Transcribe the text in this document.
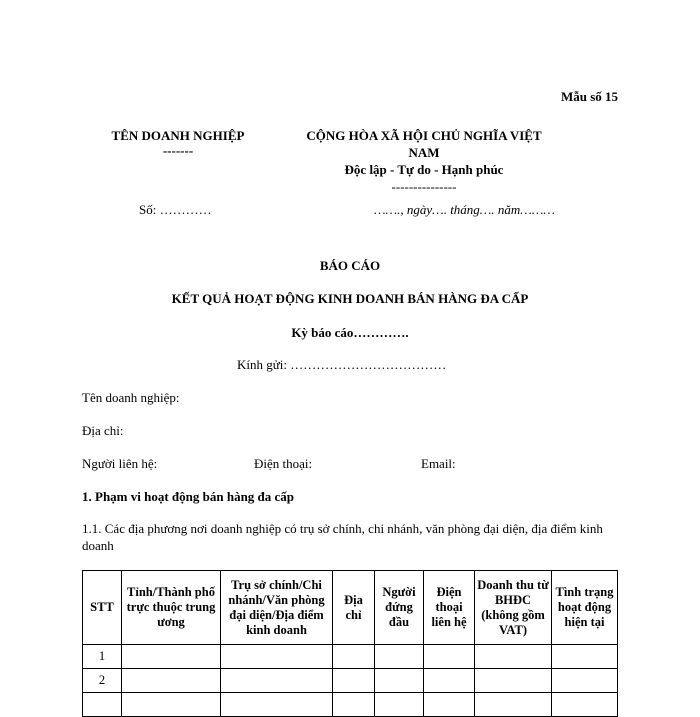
Mẫu số 15
TÊN DOANH NGHIỆP
-------
CỘNG HÒA XÃ HỘI CHỦ NGHĨA VIỆT
NAM
Độc lập - Tự do - Hạnh phúc
---------------
Số: …………	……., ngày…. tháng…. năm………
BÁO CÁO
KẾT QUẢ HOẠT ĐỘNG KINH DOANH BÁN HÀNG ĐA CẤP
Kỳ báo cáo………….
Kính gửi: ………………………………
Tên doanh nghiệp:
Địa chỉ:
Người liên hệ:	Điện thoại:	Email:
1. Phạm vi hoạt động bán hàng đa cấp
1.1. Các địa phương nơi doanh nghiệp có trụ sở chính, chi nhánh, văn phòng đại diện, địa điểm kinh doanh
STT	Tỉnh/Thành phố trực thuộc trung ương	Trụ sở chính/Chi nhánh/Văn phòng đại diện/Địa điểm kinh doanh	Địa chỉ	Người đứng đầu	Điện thoại liên hệ	Doanh thu từ BHĐC (không gồm VAT)	Tình trạng hoạt động hiện tại
1							
2							
